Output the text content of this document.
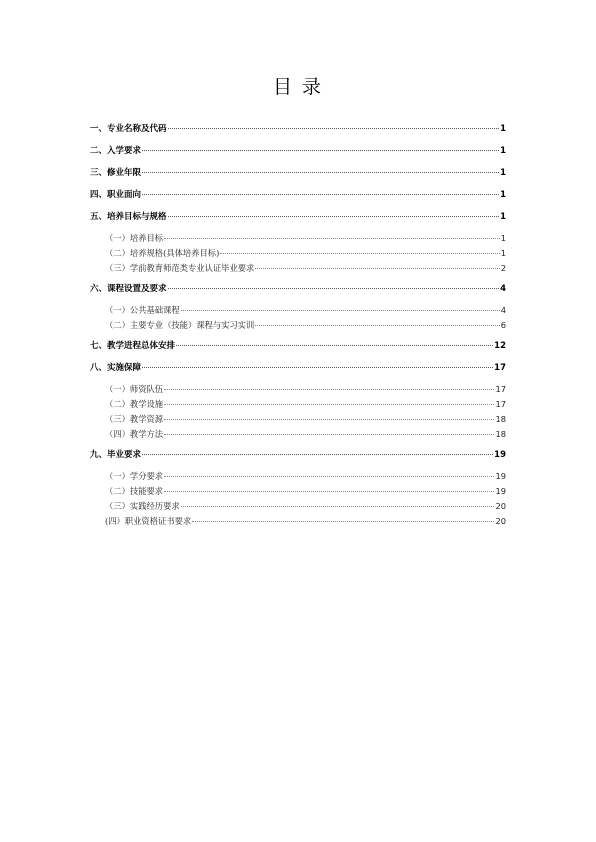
目 录
一、专业名称及代码	1
二、入学要求	1
三、修业年限	1
四、职业面向	1
五、培养目标与规格	1
（一）培养目标	1
（二）培养规格(具体培养目标)	1
（三）学前教育师范类专业认证毕业要求	2
六、课程设置及要求	4
（一）公共基础课程	4
（二）主要专业（技能）课程与实习实训	6
七、教学进程总体安排	12
八、实施保障	17
（一）师资队伍	17
（二）教学设施	17
（三）教学资源	18
（四）教学方法	18
九、毕业要求	19
（一）学分要求	19
（二）技能要求	19
（三）实践经历要求	20
(四）职业资格证书要求	20
